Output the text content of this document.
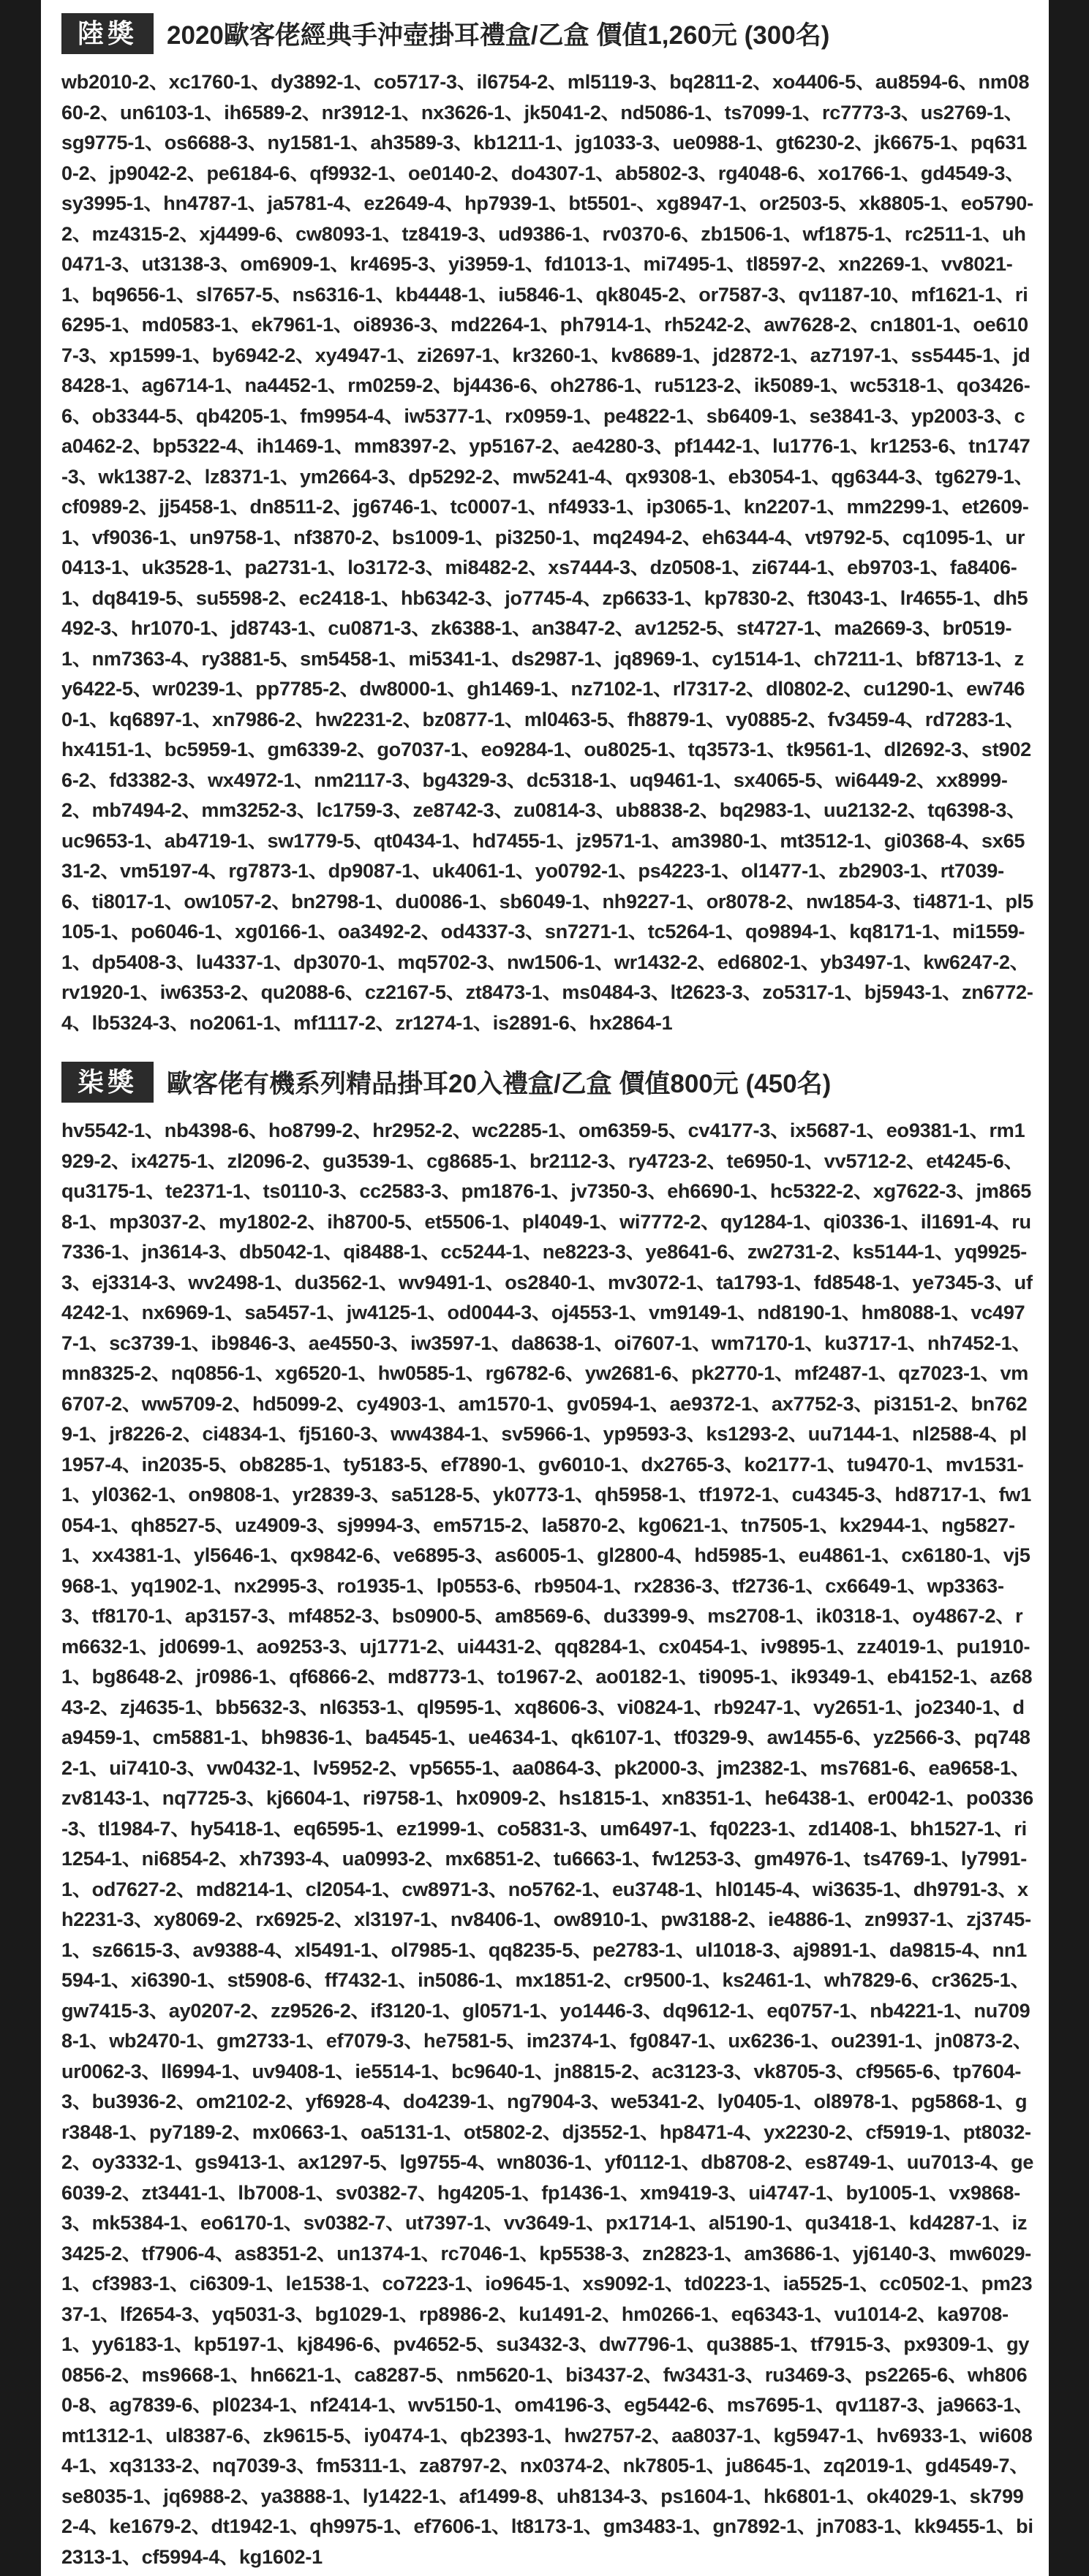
陸獎	2020歐客佬經典手沖壺掛耳禮盒/乙盒 價值1,260元 (300名)
wb2010-2、xc1760-1、dy3892-1、co5717-3、il6754-2、ml5119-3、bq2811-2、xo4406-5、au8594-6、nm0860-2、un6103-1、ih6589-2、nr3912-1、nx3626-1、jk5041-2、nd5086-1、ts7099-1、rc7773-3、us2769-1、sg9775-1、os6688-3、ny1581-1、ah3589-3、kb1211-1、jg1033-3、ue0988-1、gt6230-2、jk6675-1、pq6310-2、jp9042-2、pe6184-6、qf9932-1、oe0140-2、do4307-1、ab5802-3、rg4048-6、xo1766-1、gd4549-3、sy3995-1、hn4787-1、ja5781-4、ez2649-4、hp7939-1、bt5501-、xg8947-1、or2503-5、xk8805-1、eo5790-2、mz4315-2、xj4499-6、cw8093-1、tz8419-3、ud9386-1、rv0370-6、zb1506-1、wf1875-1、rc2511-1、uh0471-3、ut3138-3、om6909-1、kr4695-3、yi3959-1、fd1013-1、mi7495-1、tl8597-2、xn2269-1、vv8021-1、bq9656-1、sl7657-5、ns6316-1、kb4448-1、iu5846-1、qk8045-2、or7587-3、qv1187-10、mf1621-1、ri6295-1、md0583-1、ek7961-1、oi8936-3、md2264-1、ph7914-1、rh5242-2、aw7628-2、cn1801-1、oe6107-3、xp1599-1、by6942-2、xy4947-1、zi2697-1、kr3260-1、kv8689-1、jd2872-1、az7197-1、ss5445-1、jd8428-1、ag6714-1、na4452-1、rm0259-2、bj4436-6、oh2786-1、ru5123-2、ik5089-1、wc5318-1、qo3426-6、ob3344-5、qb4205-1、fm9954-4、iw5377-1、rx0959-1、pe4822-1、sb6409-1、se3841-3、yp2003-3、ca0462-2、bp5322-4、ih1469-1、mm8397-2、yp5167-2、ae4280-3、pf1442-1、lu1776-1、kr1253-6、tn1747-3、wk1387-2、lz8371-1、ym2664-3、dp5292-2、mw5241-4、qx9308-1、eb3054-1、qg6344-3、tg6279-1、cf0989-2、jj5458-1、dn8511-2、jg6746-1、tc0007-1、nf4933-1、ip3065-1、kn2207-1、mm2299-1、et2609-1、vf9036-1、un9758-1、nf3870-2、bs1009-1、pi3250-1、mq2494-2、eh6344-4、vt9792-5、cq1095-1、ur0413-1、uk3528-1、pa2731-1、lo3172-3、mi8482-2、xs7444-3、dz0508-1、zi6744-1、eb9703-1、fa8406-1、dq8419-5、su5598-2、ec2418-1、hb6342-3、jo7745-4、zp6633-1、kp7830-2、ft3043-1、lr4655-1、dh5492-3、hr1070-1、jd8743-1、cu0871-3、zk6388-1、an3847-2、av1252-5、st4727-1、ma2669-3、br0519-1、nm7363-4、ry3881-5、sm5458-1、mi5341-1、ds2987-1、jq8969-1、cy1514-1、ch7211-1、bf8713-1、zy6422-5、wr0239-1、pp7785-2、dw8000-1、gh1469-1、nz7102-1、rl7317-2、dl0802-2、cu1290-1、ew7460-1、kq6897-1、xn7986-2、hw2231-2、bz0877-1、ml0463-5、fh8879-1、vy0885-2、fv3459-4、rd7283-1、hx4151-1、bc5959-1、gm6339-2、go7037-1、eo9284-1、ou8025-1、tq3573-1、tk9561-1、dl2692-3、st9026-2、fd3382-3、wx4972-1、nm2117-3、bg4329-3、dc5318-1、uq9461-1、sx4065-5、wi6449-2、xx8999-2、mb7494-2、mm3252-3、lc1759-3、ze8742-3、zu0814-3、ub8838-2、bq2983-1、uu2132-2、tq6398-3、uc9653-1、ab4719-1、sw1779-5、qt0434-1、hd7455-1、jz9571-1、am3980-1、mt3512-1、gi0368-4、sx6531-2、vm5197-4、rg7873-1、dp9087-1、uk4061-1、yo0792-1、ps4223-1、ol1477-1、zb2903-1、rt7039-6、ti8017-1、ow1057-2、bn2798-1、du0086-1、sb6049-1、nh9227-1、or8078-2、nw1854-3、ti4871-1、pl5105-1、po6046-1、xg0166-1、oa3492-2、od4337-3、sn7271-1、tc5264-1、qo9894-1、kq8171-1、mi1559-1、dp5408-3、lu4337-1、dp3070-1、mq5702-3、nw1506-1、wr1432-2、ed6802-1、yb3497-1、kw6247-2、rv1920-1、iw6353-2、qu2088-6、cz2167-5、zt8473-1、ms0484-3、lt2623-3、zo5317-1、bj5943-1、zn6772-4、lb5324-3、no2061-1、mf1117-2、zr1274-1、is2891-6、hx2864-1
柒獎	歐客佬有機系列精品掛耳20入禮盒/乙盒 價值800元 (450名)
hv5542-1、nb4398-6、ho8799-2、hr2952-2、wc2285-1、om6359-5、cv4177-3、ix5687-1、eo9381-1、rm1929-2、ix4275-1、zl2096-2、gu3539-1、cg8685-1、br2112-3、ry4723-2、te6950-1、vv5712-2、et4245-6、qu3175-1、te2371-1、ts0110-3、cc2583-3、pm1876-1、jv7350-3、eh6690-1、hc5322-2、xg7622-3、jm8658-1、mp3037-2、my1802-2、ih8700-5、et5506-1、pl4049-1、wi7772-2、qy1284-1、qi0336-1、il1691-4、ru7336-1、jn3614-3、db5042-1、qi8488-1、cc5244-1、ne8223-3、ye8641-6、zw2731-2、ks5144-1、yq9925-3、ej3314-3、wv2498-1、du3562-1、wv9491-1、os2840-1、mv3072-1、ta1793-1、fd8548-1、ye7345-3、uf4242-1、nx6969-1、sa5457-1、jw4125-1、od0044-3、oj4553-1、vm9149-1、nd8190-1、hm8088-1、vc4977-1、sc3739-1、ib9846-3、ae4550-3、iw3597-1、da8638-1、oi7607-1、wm7170-1、ku3717-1、nh7452-1、mn8325-2、nq0856-1、xg6520-1、hw0585-1、rg6782-6、yw2681-6、pk2770-1、mf2487-1、qz7023-1、vm6707-2、ww5709-2、hd5099-2、cy4903-1、am1570-1、gv0594-1、ae9372-1、ax7752-3、pi3151-2、bn7629-1、jr8226-2、ci4834-1、fj5160-3、ww4384-1、sv5966-1、yp9593-3、ks1293-2、uu7144-1、nl2588-4、pl1957-4、in2035-5、ob8285-1、ty5183-5、ef7890-1、gv6010-1、dx2765-3、ko2177-1、tu9470-1、mv1531-1、yl0362-1、on9808-1、yr2839-3、sa5128-5、yk0773-1、qh5958-1、tf1972-1、cu4345-3、hd8717-1、fw1054-1、qh8527-5、uz4909-3、sj9994-3、em5715-2、la5870-2、kg0621-1、tn7505-1、kx2944-1、ng5827-1、xx4381-1、yl5646-1、qx9842-6、ve6895-3、as6005-1、gl2800-4、hd5985-1、eu4861-1、cx6180-1、vj5968-1、yq1902-1、nx2995-3、ro1935-1、lp0553-6、rb9504-1、rx2836-3、tf2736-1、cx6649-1、wp3363-3、tf8170-1、ap3157-3、mf4852-3、bs0900-5、am8569-6、du3399-9、ms2708-1、ik0318-1、oy4867-2、rm6632-1、jd0699-1、ao9253-3、uj1771-2、ui4431-2、qq8284-1、cx0454-1、iv9895-1、zz4019-1、pu1910-1、bg8648-2、jr0986-1、qf6866-2、md8773-1、to1967-2、ao0182-1、ti9095-1、ik9349-1、eb4152-1、az6843-2、zj4635-1、bb5632-3、nl6353-1、ql9595-1、xq8606-3、vi0824-1、rb9247-1、vy2651-1、jo2340-1、da9459-1、cm5881-1、bh9836-1、ba4545-1、ue4634-1、qk6107-1、tf0329-9、aw1455-6、yz2566-3、pq7482-1、ui7410-3、vw0432-1、lv5952-2、vp5655-1、aa0864-3、pk2000-3、jm2382-1、ms7681-6、ea9658-1、zv8143-1、nq7725-3、kj6604-1、ri9758-1、hx0909-2、hs1815-1、xn8351-1、he6438-1、er0042-1、po0336-3、tl1984-7、hy5418-1、eq6595-1、ez1999-1、co5831-3、um6497-1、fq0223-1、zd1408-1、bh1527-1、ri1254-1、ni6854-2、xh7393-4、ua0993-2、mx6851-2、tu6663-1、fw1253-3、gm4976-1、ts4769-1、ly7991-1、od7627-2、md8214-1、cl2054-1、cw8971-3、no5762-1、eu3748-1、hl0145-4、wi3635-1、dh9791-3、xh2231-3、xy8069-2、rx6925-2、xl3197-1、nv8406-1、ow8910-1、pw3188-2、ie4886-1、zn9937-1、zj3745-1、sz6615-3、av9388-4、xl5491-1、ol7985-1、qq8235-5、pe2783-1、ul1018-3、aj9891-1、da9815-4、nn1594-1、xi6390-1、st5908-6、ff7432-1、in5086-1、mx1851-2、cr9500-1、ks2461-1、wh7829-6、cr3625-1、gw7415-3、ay0207-2、zz9526-2、if3120-1、gl0571-1、yo1446-3、dq9612-1、eq0757-1、nb4221-1、nu7098-1、wb2470-1、gm2733-1、ef7079-3、he7581-5、im2374-1、fg0847-1、ux6236-1、ou2391-1、jn0873-2、ur0062-3、ll6994-1、uv9408-1、ie5514-1、bc9640-1、jn8815-2、ac3123-3、vk8705-3、cf9565-6、tp7604-3、bu3936-2、om2102-2、yf6928-4、do4239-1、ng7904-3、we5341-2、ly0405-1、ol8978-1、pg5868-1、gr3848-1、py7189-2、mx0663-1、oa5131-1、ot5802-2、dj3552-1、hp8471-4、yx2230-2、cf5919-1、pt8032-2、oy3332-1、gs9413-1、ax1297-5、lg9755-4、wn8036-1、yf0112-1、db8708-2、es8749-1、uu7013-4、ge6039-2、zt3441-1、lb7008-1、sv0382-7、hg4205-1、fp1436-1、xm9419-3、ui4747-1、by1005-1、vx9868-3、mk5384-1、eo6170-1、sv0382-7、ut7397-1、vv3649-1、px1714-1、al5190-1、qu3418-1、kd4287-1、iz3425-2、tf7906-4、as8351-2、un1374-1、rc7046-1、kp5538-3、zn2823-1、am3686-1、yj6140-3、mw6029-1、cf3983-1、ci6309-1、le1538-1、co7223-1、io9645-1、xs9092-1、td0223-1、ia5525-1、cc0502-1、pm2337-1、lf2654-3、yq5031-3、bg1029-1、rp8986-2、ku1491-2、hm0266-1、eq6343-1、vu1014-2、ka9708-1、yy6183-1、kp5197-1、kj8496-6、pv4652-5、su3432-3、dw7796-1、qu3885-1、tf7915-3、px9309-1、gy0856-2、ms9668-1、hn6621-1、ca8287-5、nm5620-1、bi3437-2、fw3431-3、ru3469-3、ps2265-6、wh8060-8、ag7839-6、pl0234-1、nf2414-1、wv5150-1、om4196-3、eg5442-6、ms7695-1、qv1187-3、ja9663-1、mt1312-1、ul8387-6、zk9615-5、iy0474-1、qb2393-1、hw2757-2、aa8037-1、kg5947-1、hv6933-1、wi6084-1、xq3133-2、nq7039-3、fm5311-1、za8797-2、nx0374-2、nk7805-1、ju8645-1、zq2019-1、gd4549-7、se8035-1、jq6988-2、ya3888-1、ly1422-1、af1499-8、uh8134-3、ps1604-1、hk6801-1、ok4029-1、sk7992-4、ke1679-2、dt1942-1、qh9975-1、ef7606-1、lt8173-1、gm3483-1、gn7892-1、jn7083-1、kk9455-1、bi2313-1、cf5994-4、kg1602-1
